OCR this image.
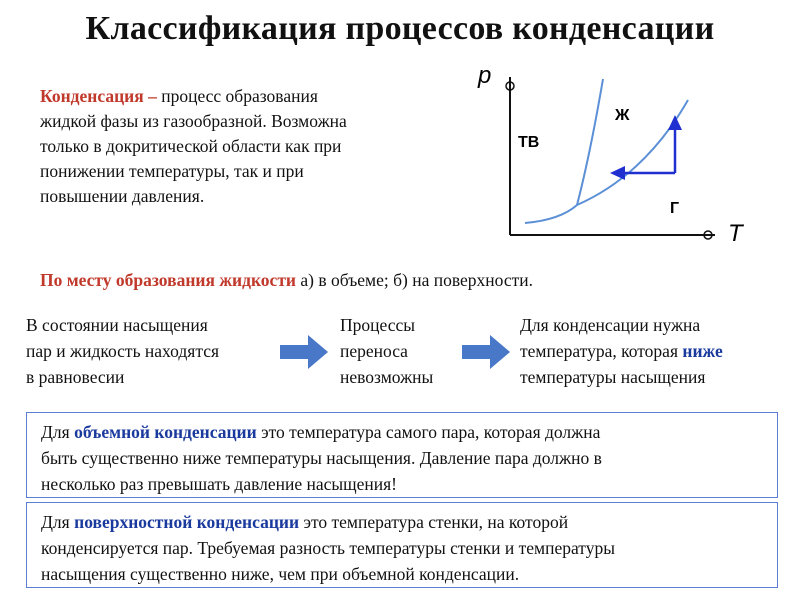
Классификация процессов конденсации
Конденсация – процесс образования
жидкой фазы из газообразной. Возможна
только в докритической области как при
понижении температуры, так и при
повышении давления.
p
T
ТВ
Ж
Г
По месту образования жидкости а) в объеме; б) на поверхности.
В состоянии насыщения
пар и жидкость находятся
в равновесии
Процессы
переноса
невозможны
Для конденсации нужна
температура, которая ниже
температуры насыщения
Для объемной конденсации это температура самого пара, которая должна
быть существенно ниже температуры насыщения. Давление пара должно в
несколько раз превышать давление насыщения!
Для поверхностной конденсации это температура стенки, на которой
конденсируется пар. Требуемая разность температуры стенки и температуры
насыщения существенно ниже, чем при объемной конденсации.
